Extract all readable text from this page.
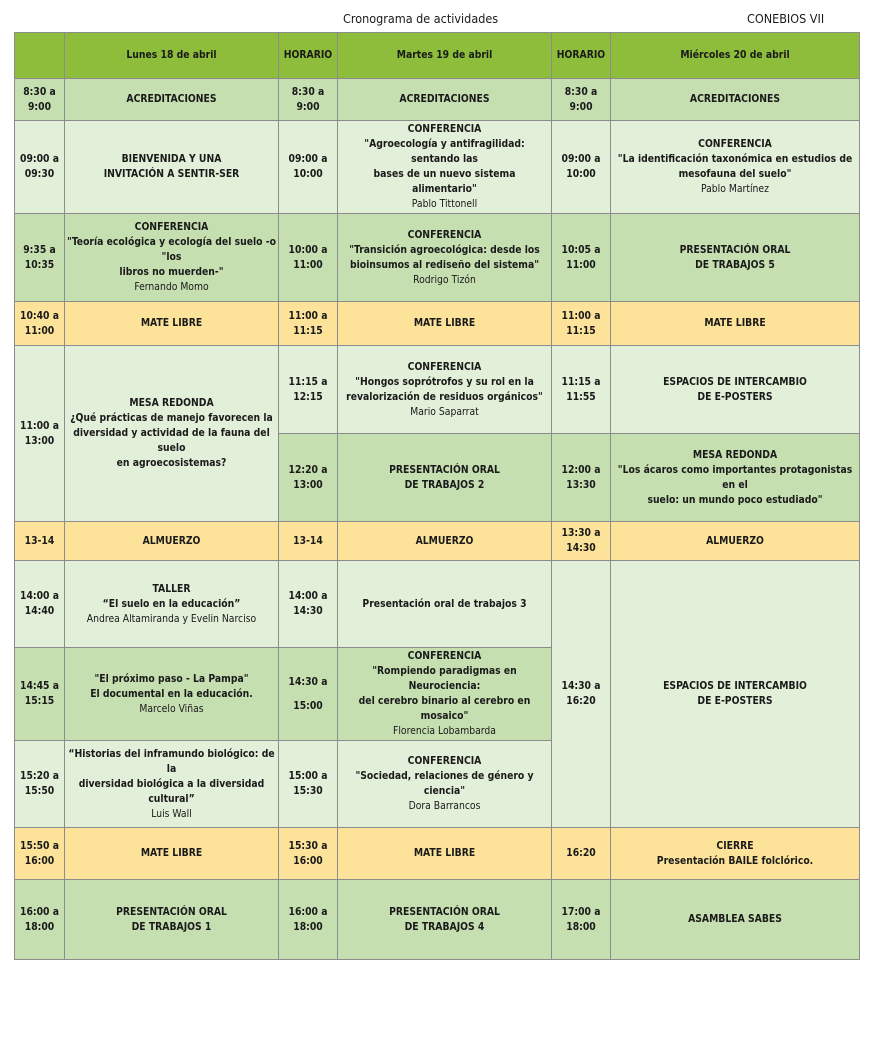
Cronograma de actividades	CONEBIOS VII
	Lunes 18 de abril	HORARIO	Martes 19 de abril	HORARIO	Miércoles 20 de abril

8:30 a
9:00	ACREDITACIONES	8:30 a 9:00	ACREDITACIONES	8:30 a 9:00	ACREDITACIONES

09:00 a
09:30	BIENVENIDA Y UNA
INVITACIÓN A SENTIR-SER	09:00 a
10:00	CONFERENCIA
"Agroecología y antifragilidad: sentando las
bases de un nuevo sistema alimentario"
Pablo Tittonell	09:00 a
10:00	CONFERENCIA
"La identificación taxonómica en estudios de
mesofauna del suelo"
Pablo Martínez

9:35 a
10:35	CONFERENCIA
"Teoría ecológica y ecología del suelo -o "los
libros no muerden-"
Fernando Momo	10:00 a
11:00	CONFERENCIA
"Transición agroecológica: desde los
bioinsumos al rediseño del sistema"
Rodrigo Tizón	10:05 a
11:00	PRESENTACIÓN ORAL
DE TRABAJOS 5

10:40 a
11:00	MATE LIBRE	11:00 a
11:15	MATE LIBRE	11:00 a
11:15	MATE LIBRE

11:00 a
13:00	MESA REDONDA
¿Qué prácticas de manejo favorecen la
diversidad y actividad de la fauna del suelo
en agroecosistemas?	11:15 a
12:15	CONFERENCIA
"Hongos soprótrofos y su rol en la
revalorización de residuos orgánicos"
Mario Saparrat	11:15 a
11:55	ESPACIOS DE INTERCAMBIO
DE E-POSTERS

		12:20 a
13:00	PRESENTACIÓN ORAL
DE TRABAJOS 2	12:00 a
13:30	MESA REDONDA
"Los ácaros como importantes protagonistas en el
suelo: un mundo poco estudiado"

13-14	ALMUERZO	13-14	ALMUERZO	13:30 a
14:30	ALMUERZO

14:00 a
14:40	TALLER
“El suelo en la educación”
Andrea Altamiranda y Evelin Narciso	14:00 a
14:30	Presentación oral de trabajos 3	14:30 a
16:20	ESPACIOS DE INTERCAMBIO
DE E-POSTERS

14:45 a
15:15	"El próximo paso - La Pampa"
El documental en la educación.
Marcelo Viñas	14:30 a
15:00	CONFERENCIA
"Rompiendo paradigmas en Neurociencia:
del cerebro binario al cerebro en mosaico"
Florencia Lobambarda		

15:20 a
15:50	“Historias del inframundo biológico: de la
diversidad biológica a la diversidad cultural”
Luis Wall	15:00 a
15:30	CONFERENCIA
"Sociedad, relaciones de género y ciencia"
Dora Barrancos		

15:50 a
16:00	MATE LIBRE	15:30 a
16:00	MATE LIBRE	16:20	CIERRE
Presentación BAILE folclórico.

16:00 a
18:00	PRESENTACIÓN ORAL
DE TRABAJOS 1	16:00 a
18:00	PRESENTACIÓN ORAL
DE TRABAJOS 4	17:00 a
18:00	ASAMBLEA SABES
